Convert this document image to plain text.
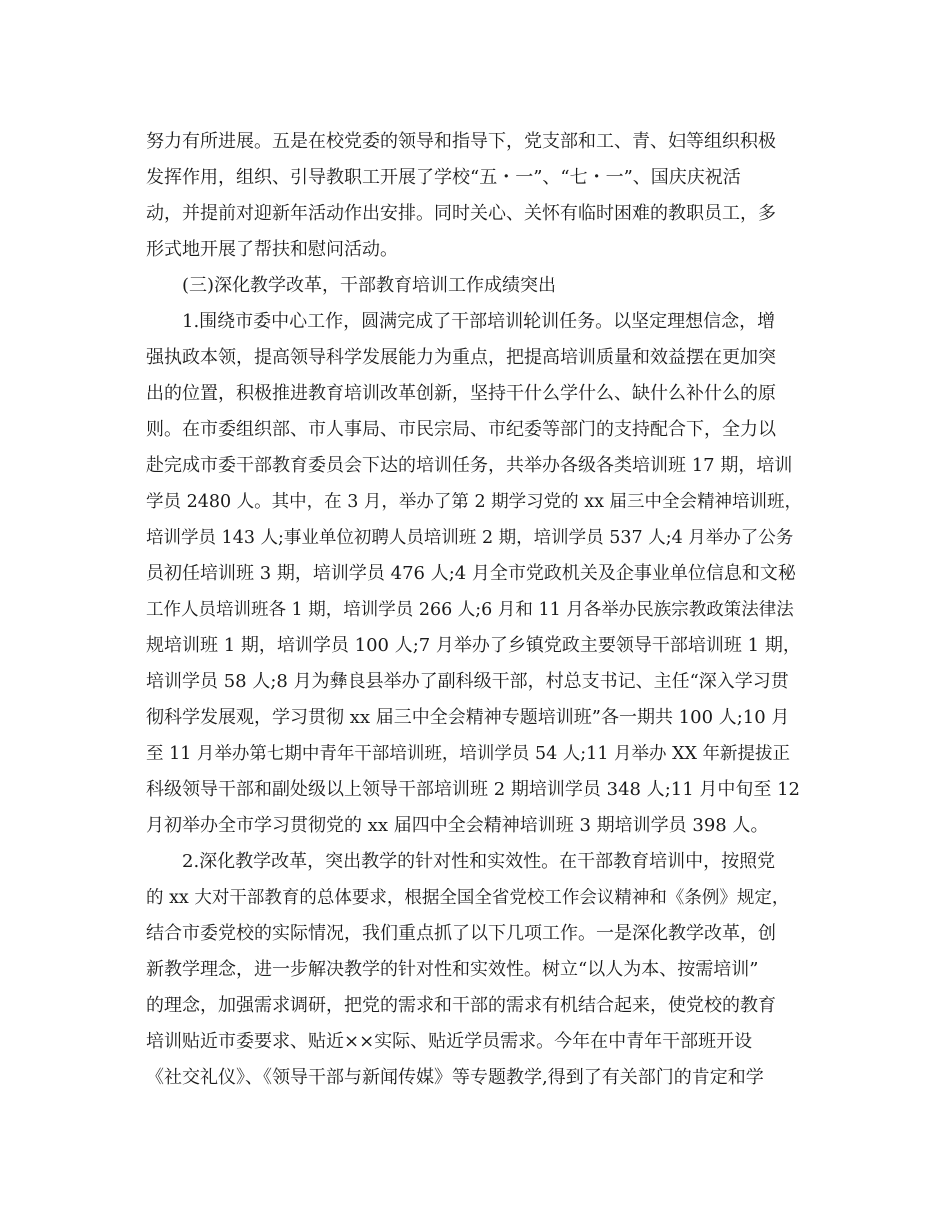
努力有所进展。五是在校党委的领导和指导下，党支部和工、青、妇等组织积极
发挥作用，组织、引导教职工开展了学校“五・一”、“七・一”、国庆庆祝活
动，并提前对迎新年活动作出安排。同时关心、关怀有临时困难的教职员工，多
形式地开展了帮扶和慰问活动。
(三)深化教学改革，干部教育培训工作成绩突出
1.围绕市委中心工作，圆满完成了干部培训轮训任务。以坚定理想信念，增
强执政本领，提高领导科学发展能力为重点，把提高培训质量和效益摆在更加突
出的位置，积极推进教育培训改革创新，坚持干什么学什么、缺什么补什么的原
则。在市委组织部、市人事局、市民宗局、市纪委等部门的支持配合下，全力以
赴完成市委干部教育委员会下达的培训任务，共举办各级各类培训班 17 期，培训
学员 2480 人。其中，在 3 月，举办了第 2 期学习党的 xx 届三中全会精神培训班，
培训学员 143 人;事业单位初聘人员培训班 2 期，培训学员 537 人;4 月举办了公务
员初任培训班 3 期，培训学员 476 人;4 月全市党政机关及企事业单位信息和文秘
工作人员培训班各 1 期，培训学员 266 人;6 月和 11 月各举办民族宗教政策法律法
规培训班 1 期，培训学员 100 人;7 月举办了乡镇党政主要领导干部培训班 1 期，
培训学员 58 人;8 月为彝良县举办了副科级干部，村总支书记、主任“深入学习贯
彻科学发展观，学习贯彻 xx 届三中全会精神专题培训班”各一期共 100 人;10 月
至 11 月举办第七期中青年干部培训班，培训学员 54 人;11 月举办 XX 年新提拔正
科级领导干部和副处级以上领导干部培训班 2 期培训学员 348 人;11 月中旬至 12
月初举办全市学习贯彻党的 xx 届四中全会精神培训班 3 期培训学员 398 人。
2.深化教学改革，突出教学的针对性和实效性。在干部教育培训中，按照党
的 xx 大对干部教育的总体要求，根据全国全省党校工作会议精神和《条例》规定，
结合市委党校的实际情况，我们重点抓了以下几项工作。一是深化教学改革，创
新教学理念，进一步解决教学的针对性和实效性。树立“以人为本、按需培训”
的理念，加强需求调研，把党的需求和干部的需求有机结合起来，使党校的教育
培训贴近市委要求、贴近××实际、贴近学员需求。今年在中青年干部班开设
《社交礼仪》、《领导干部与新闻传媒》等专题教学,得到了有关部门的肯定和学
